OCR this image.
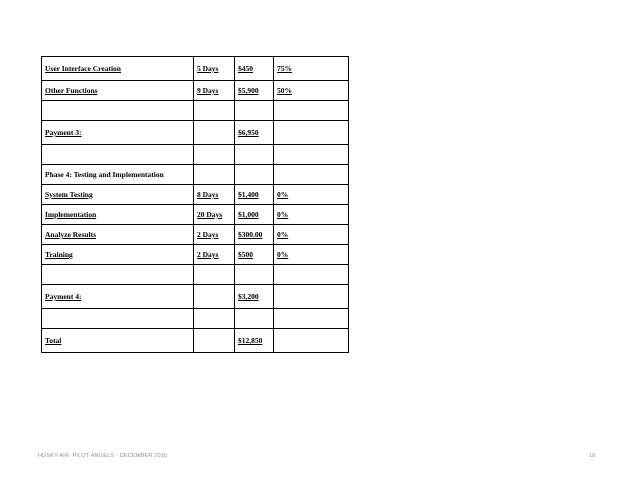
User Interface Creation	5 Days	$450	75%
Other Functions	9 Days	$5,900	50%

Payment 3:		$6,950	

Phase 4: Testing and Implementation			
System Testing	8 Days	$1,400	0%
Implementation	20 Days	$1,000	0%
Analyze Results	2 Days	$300.00	0%
Training	2 Days	$500	0%

Payment 4:		$3,200	

Total		$12,850	
HUSKY AIR: PILOT ANGELS - DECEMBER 2015	18
